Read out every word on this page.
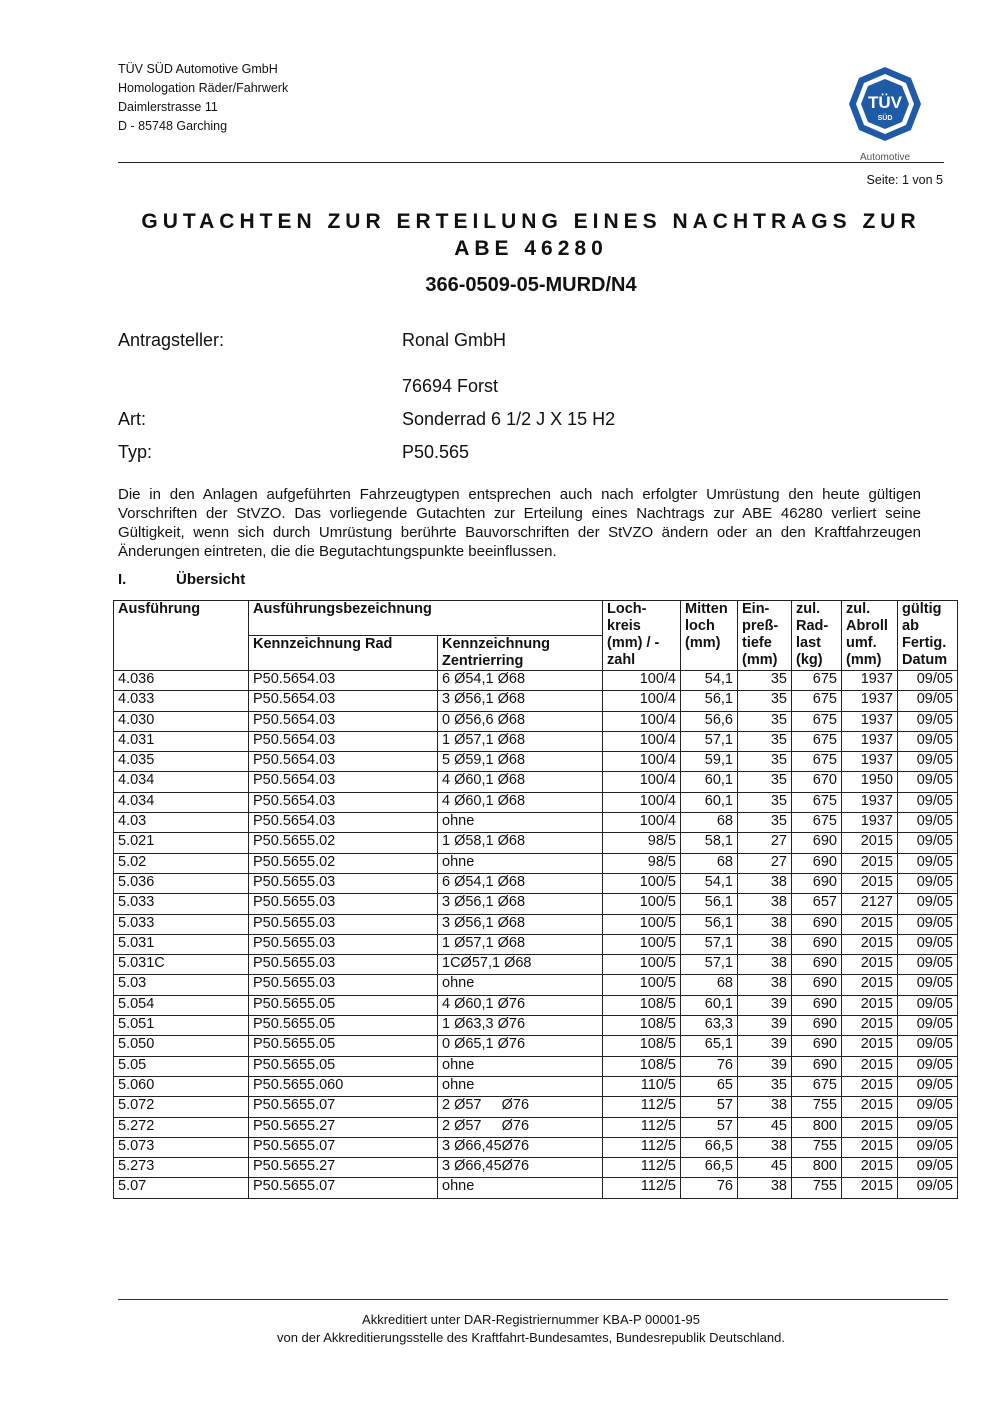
TÜV SÜD Automotive GmbH
Homologation Räder/Fahrwerk
Daimlerstrasse 11
D - 85748 Garching
TÜV
SÜD
Automotive
Seite: 1 von 5
GUTACHTEN ZUR ERTEILUNG EINES NACHTRAGS ZUR
ABE 46280
366-0509-05-MURD/N4
Antragsteller:	Ronal GmbH
76694 Forst
Art:	Sonderrad 6 1/2 J X 15 H2
Typ:	P50.565
Die in den Anlagen aufgeführten Fahrzeugtypen entsprechen auch nach erfolgter Umrüstung den heute gültigen Vorschriften der StVZO. Das vorliegende Gutachten zur Erteilung eines Nachtrags zur ABE 46280 verliert seine Gültigkeit, wenn sich durch Umrüstung berührte Bauvorschriften der StVZO ändern oder an den Kraftfahrzeugen Änderungen eintreten, die die Begutachtungspunkte beeinflussen.
I.	Übersicht
Ausführung	Ausführungsbezeichnung		Loch-kreis (mm) / -zahl	Mitten loch (mm)	Ein-preß-tiefe (mm)	zul. Rad-last (kg)	zul. Abroll umf. (mm)	gültig ab Fertig. Datum
	Kennzeichnung Rad	Kennzeichnung Zentrierring						
4.036	P50.5654.03	6 Ø54,1 Ø68	100/4	54,1	35	675	1937	09/05
4.033	P50.5654.03	3 Ø56,1 Ø68	100/4	56,1	35	675	1937	09/05
4.030	P50.5654.03	0 Ø56,6 Ø68	100/4	56,6	35	675	1937	09/05
4.031	P50.5654.03	1 Ø57,1 Ø68	100/4	57,1	35	675	1937	09/05
4.035	P50.5654.03	5 Ø59,1 Ø68	100/4	59,1	35	675	1937	09/05
4.034	P50.5654.03	4 Ø60,1 Ø68	100/4	60,1	35	670	1950	09/05
4.034	P50.5654.03	4 Ø60,1 Ø68	100/4	60,1	35	675	1937	09/05
4.03	P50.5654.03	ohne	100/4	68	35	675	1937	09/05
5.021	P50.5655.02	1 Ø58,1 Ø68	98/5	58,1	27	690	2015	09/05
5.02	P50.5655.02	ohne	98/5	68	27	690	2015	09/05
5.036	P50.5655.03	6 Ø54,1 Ø68	100/5	54,1	38	690	2015	09/05
5.033	P50.5655.03	3 Ø56,1 Ø68	100/5	56,1	38	657	2127	09/05
5.033	P50.5655.03	3 Ø56,1 Ø68	100/5	56,1	38	690	2015	09/05
5.031	P50.5655.03	1 Ø57,1 Ø68	100/5	57,1	38	690	2015	09/05
5.031C	P50.5655.03	1CØ57,1 Ø68	100/5	57,1	38	690	2015	09/05
5.03	P50.5655.03	ohne	100/5	68	38	690	2015	09/05
5.054	P50.5655.05	4 Ø60,1 Ø76	108/5	60,1	39	690	2015	09/05
5.051	P50.5655.05	1 Ø63,3 Ø76	108/5	63,3	39	690	2015	09/05
5.050	P50.5655.05	0 Ø65,1 Ø76	108/5	65,1	39	690	2015	09/05
5.05	P50.5655.05	ohne	108/5	76	39	690	2015	09/05
5.060	P50.5655.060	ohne	110/5	65	35	675	2015	09/05
5.072	P50.5655.07	2 Ø57     Ø76	112/5	57	38	755	2015	09/05
5.272	P50.5655.27	2 Ø57     Ø76	112/5	57	45	800	2015	09/05
5.073	P50.5655.07	3 Ø66,45Ø76	112/5	66,5	38	755	2015	09/05
5.273	P50.5655.27	3 Ø66,45Ø76	112/5	66,5	45	800	2015	09/05
5.07	P50.5655.07	ohne	112/5	76	38	755	2015	09/05
Akkreditiert unter DAR-Registriernummer KBA-P 00001-95
von der Akkreditierungsstelle des Kraftfahrt-Bundesamtes, Bundesrepublik Deutschland.
